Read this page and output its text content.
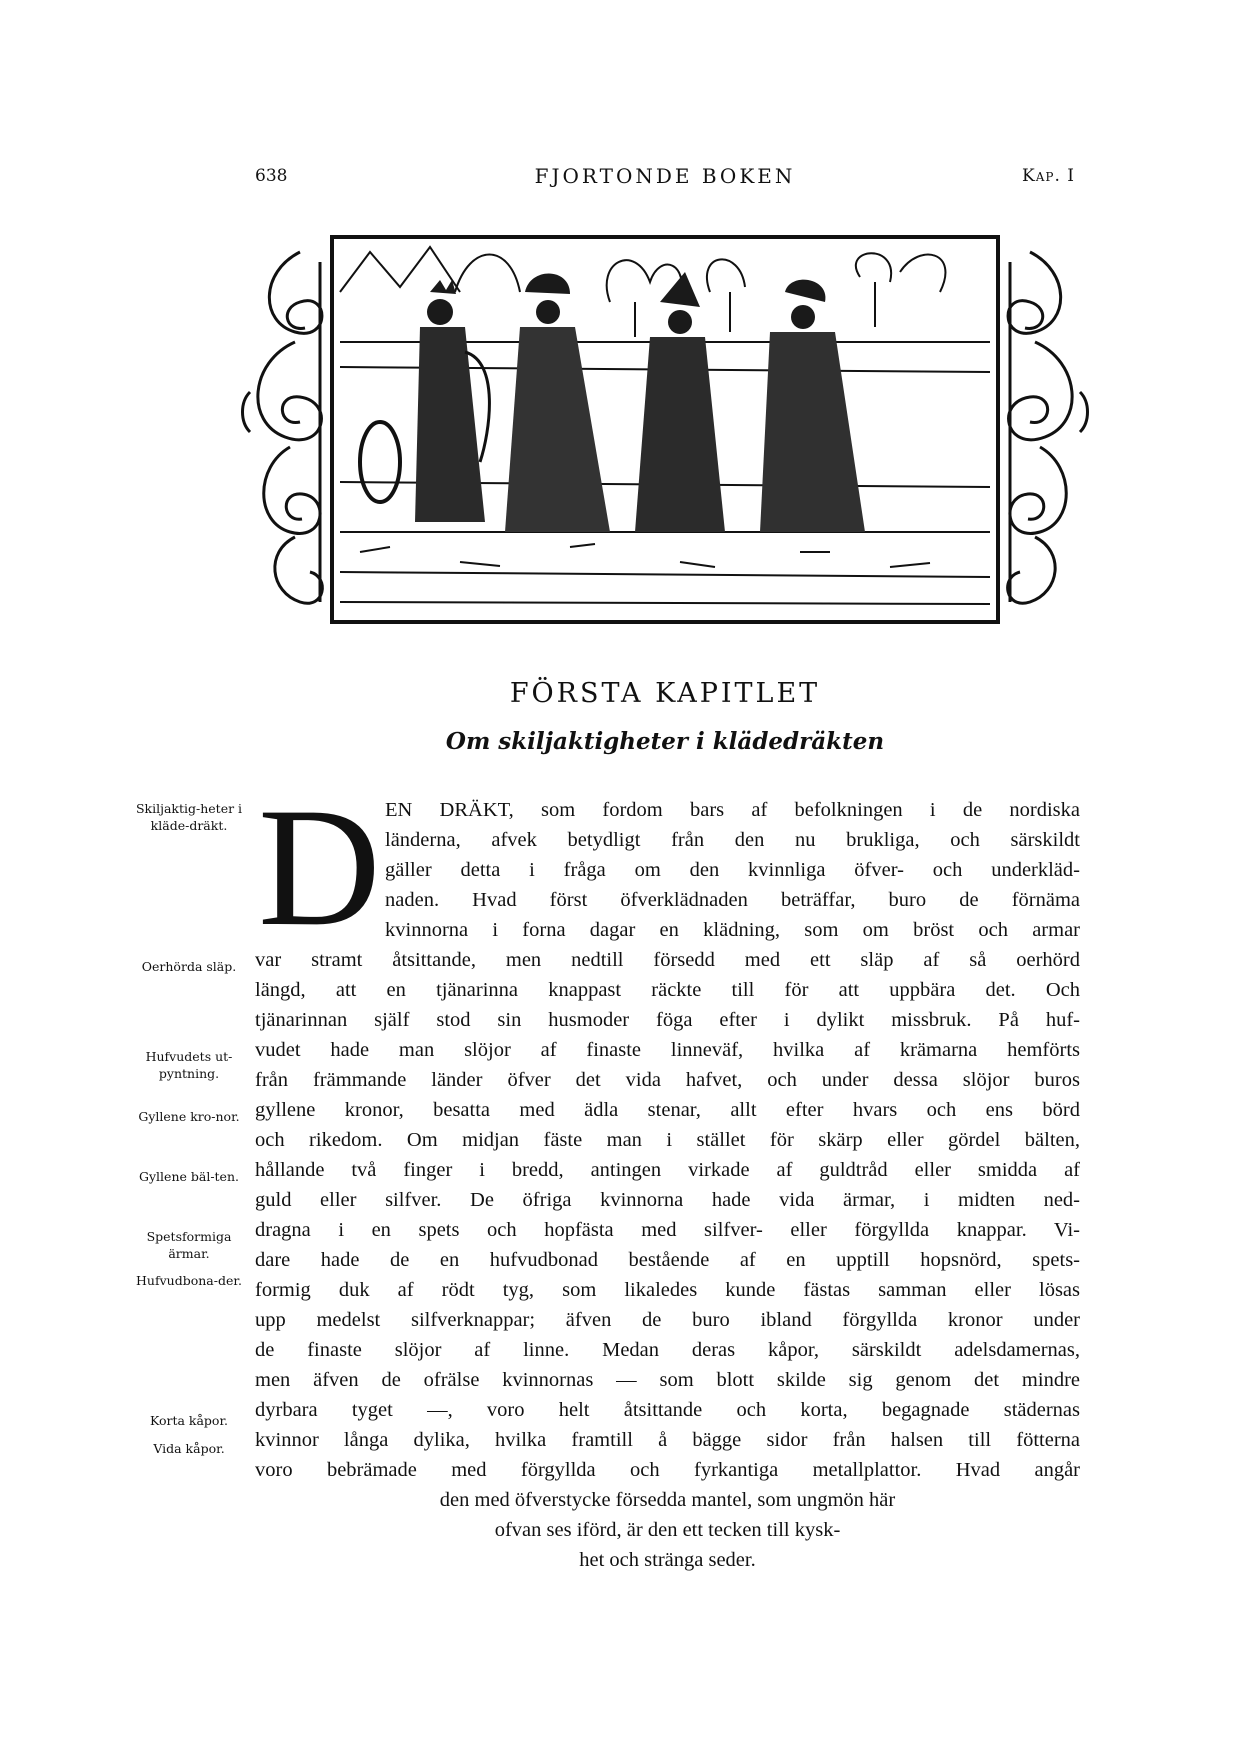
638	FJORTONDE BOKEN	Kap. I
FÖRSTA KAPITLET
Om skiljaktigheter i klädedräkten
Skiljaktig-heter i kläde-dräkt.
Oerhörda släp.
Hufvudets ut-pyntning.
Gyllene kro-nor.
Gyllene bäl-ten.
Spetsformiga ärmar.
Hufvudbona-der.
Korta kåpor.
Vida kåpor.
D EN DRÄKT, som fordom bars af befolkningen i de nordiska
länderna, afvek betydligt från den nu brukliga, och särskildt
gäller detta i fråga om den kvinnliga öfver- och underkläd-
naden. Hvad först öfverklädnaden beträffar, buro de förnäma
kvinnorna i forna dagar en klädning, som om bröst och armar
var stramt åtsittande, men nedtill försedd med ett släp af så oerhörd
längd, att en tjänarinna knappast räckte till för att uppbära det. Och
tjänarinnan själf stod sin husmoder föga efter i dylikt missbruk. På huf-
vudet hade man slöjor af finaste linneväf, hvilka af krämarna hemförts
från främmande länder öfver det vida hafvet, och under dessa slöjor buros
gyllene kronor, besatta med ädla stenar, allt efter hvars och ens börd
och rikedom. Om midjan fäste man i stället för skärp eller gördel bälten,
hållande två finger i bredd, antingen virkade af guldtråd eller smidda af
guld eller silfver. De öfriga kvinnorna hade vida ärmar, i midten ned-
dragna i en spets och hopfästa med silfver- eller förgyllda knappar. Vi-
dare hade de en hufvudbonad bestående af en upptill hopsnörd, spets-
formig duk af rödt tyg, som likaledes kunde fästas samman eller lösas
upp medelst silfverknappar; äfven de buro ibland förgyllda kronor under
de finaste slöjor af linne. Medan deras kåpor, särskildt adelsdamernas,
men äfven de ofrälse kvinnornas — som blott skilde sig genom det mindre
dyrbara tyget —, voro helt åtsittande och korta, begagnade städernas
kvinnor långa dylika, hvilka framtill å bägge sidor från halsen till fötterna
voro bebrämade med förgyllda och fyrkantiga metallplattor. Hvad angår
den med öfverstycke försedda mantel, som ungmön här
ofvan ses iförd, är den ett tecken till kysk-
het och stränga seder.
